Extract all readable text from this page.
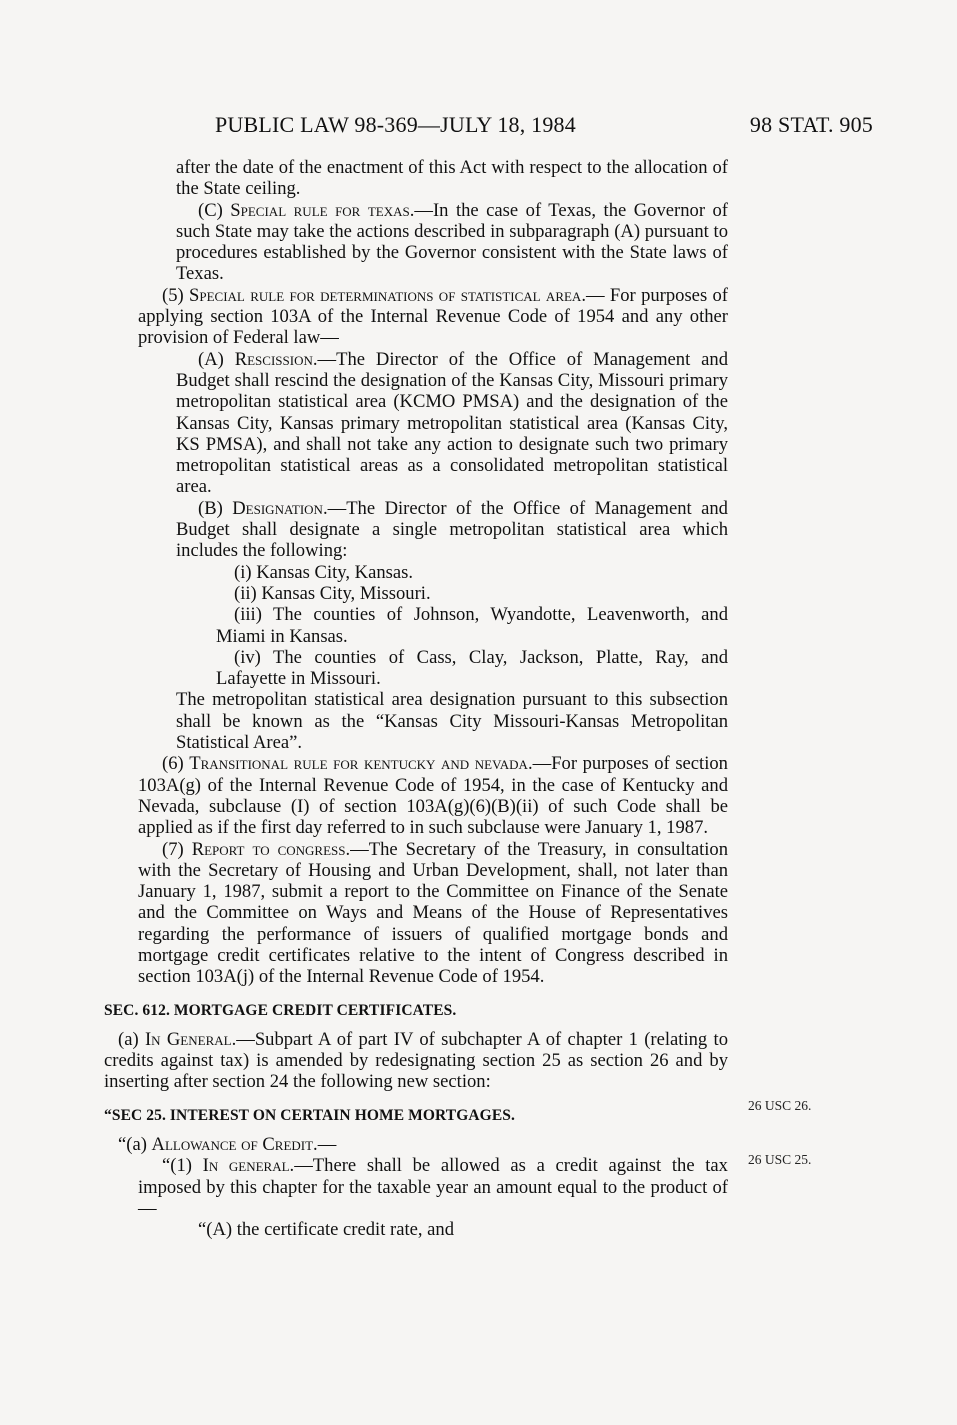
PUBLIC LAW 98-369—JULY 18, 1984	98 STAT. 905

after the date of the enactment of this Act with respect to the allocation of the State ceiling.

(C) Special rule for texas.—In the case of Texas, the Governor of such State may take the actions described in subparagraph (A) pursuant to procedures established by the Governor consistent with the State laws of Texas.

(5) Special rule for determinations of statistical area.— For purposes of applying section 103A of the Internal Revenue Code of 1954 and any other provision of Federal law—

(A) Rescission.—The Director of the Office of Management and Budget shall rescind the designation of the Kansas City, Missouri primary metropolitan statistical area (KCMO PMSA) and the designation of the Kansas City, Kansas primary metropolitan statistical area (Kansas City, KS PMSA), and shall not take any action to designate such two primary metropolitan statistical areas as a consolidated metropolitan statistical area.

(B) Designation.—The Director of the Office of Management and Budget shall designate a single metropolitan statistical area which includes the following:

(i) Kansas City, Kansas.

(ii) Kansas City, Missouri.

(iii) The counties of Johnson, Wyandotte, Leavenworth, and Miami in Kansas.

(iv) The counties of Cass, Clay, Jackson, Platte, Ray, and Lafayette in Missouri.

The metropolitan statistical area designation pursuant to this subsection shall be known as the “Kansas City Missouri-Kansas Metropolitan Statistical Area”.

(6) Transitional rule for kentucky and nevada.—For purposes of section 103A(g) of the Internal Revenue Code of 1954, in the case of Kentucky and Nevada, subclause (I) of section 103A(g)(6)(B)(ii) of such Code shall be applied as if the first day referred to in such subclause were January 1, 1987.

(7) Report to congress.—The Secretary of the Treasury, in consultation with the Secretary of Housing and Urban Development, shall, not later than January 1, 1987, submit a report to the Committee on Finance of the Senate and the Committee on Ways and Means of the House of Representatives regarding the performance of issuers of qualified mortgage bonds and mortgage credit certificates relative to the intent of Congress described in section 103A(j) of the Internal Revenue Code of 1954.

SEC. 612. MORTGAGE CREDIT CERTIFICATES.

(a) In General.—Subpart A of part IV of subchapter A of chapter 1 (relating to credits against tax) is amended by redesignating section 25 as section 26 and by inserting after section 24 the following new section:

“SEC 25. INTEREST ON CERTAIN HOME MORTGAGES.

“(a) Allowance of Credit.—

“(1) In general.—There shall be allowed as a credit against the tax imposed by this chapter for the taxable year an amount equal to the product of—

“(A) the certificate credit rate, and

26 USC 26.
26 USC 25.
